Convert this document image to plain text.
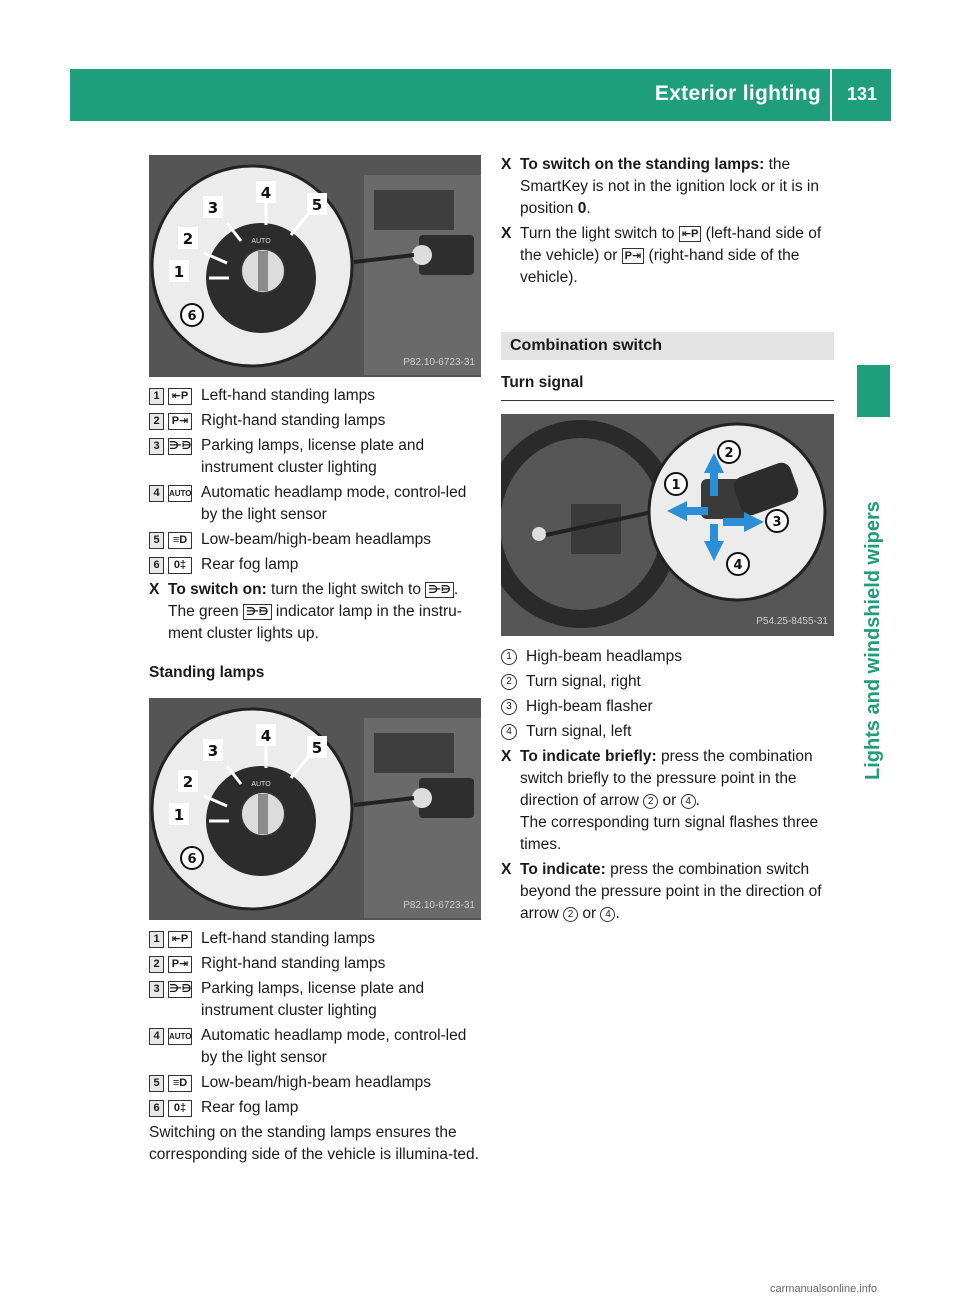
Exterior lighting 131
Lights and windshield wipers
AUTO
1
2
3
4
5
6
P82.10-6723-31
1	⇤P Left-hand standing lamps
2	P⇥ Right-hand standing lamps
3 ⋺⋻ Parking lamps, license plate and instrument cluster lighting
4	AUTO Automatic headlamp mode, control-led by the light sensor
5	≡D Low-beam/high-beam headlamps
6	0‡ Rear fog lamp
X To switch on: turn the light switch to ⋺⋻ .
The green ⋺⋻ indicator lamp in the instru-ment cluster lights up.

Standing lamps

AUTO
1
2
3
4
5
6
P82.10-6723-31
1	⇤P Left-hand standing lamps
2	P⇥ Right-hand standing lamps
3 ⋺⋻ Parking lamps, license plate and instrument cluster lighting
4	AUTO Automatic headlamp mode, control-led by the light sensor
5	≡D Low-beam/high-beam headlamps
6	0‡ Rear fog lamp

Switching on the standing lamps ensures the corresponding side of the vehicle is illumina-ted.

X To switch on the standing lamps: the SmartKey is not in the ignition lock or it is in position 0.
X Turn the light switch to ⇤P (left-hand side of the vehicle) or P⇥ (right-hand side of the vehicle).
Combination switch
Turn signal
1
2
3
4
P54.25-8455-31
1 High-beam headlamps
2 Turn signal, right
3 High-beam flasher
4 Turn signal, left
X To indicate briefly: press the combination switch briefly to the pressure point in the direction of arrow 2 or 4 .
The corresponding turn signal flashes three times.
X To indicate: press the combination switch beyond the pressure point in the direction of arrow 2 or 4 .
carmanualsonline.info
